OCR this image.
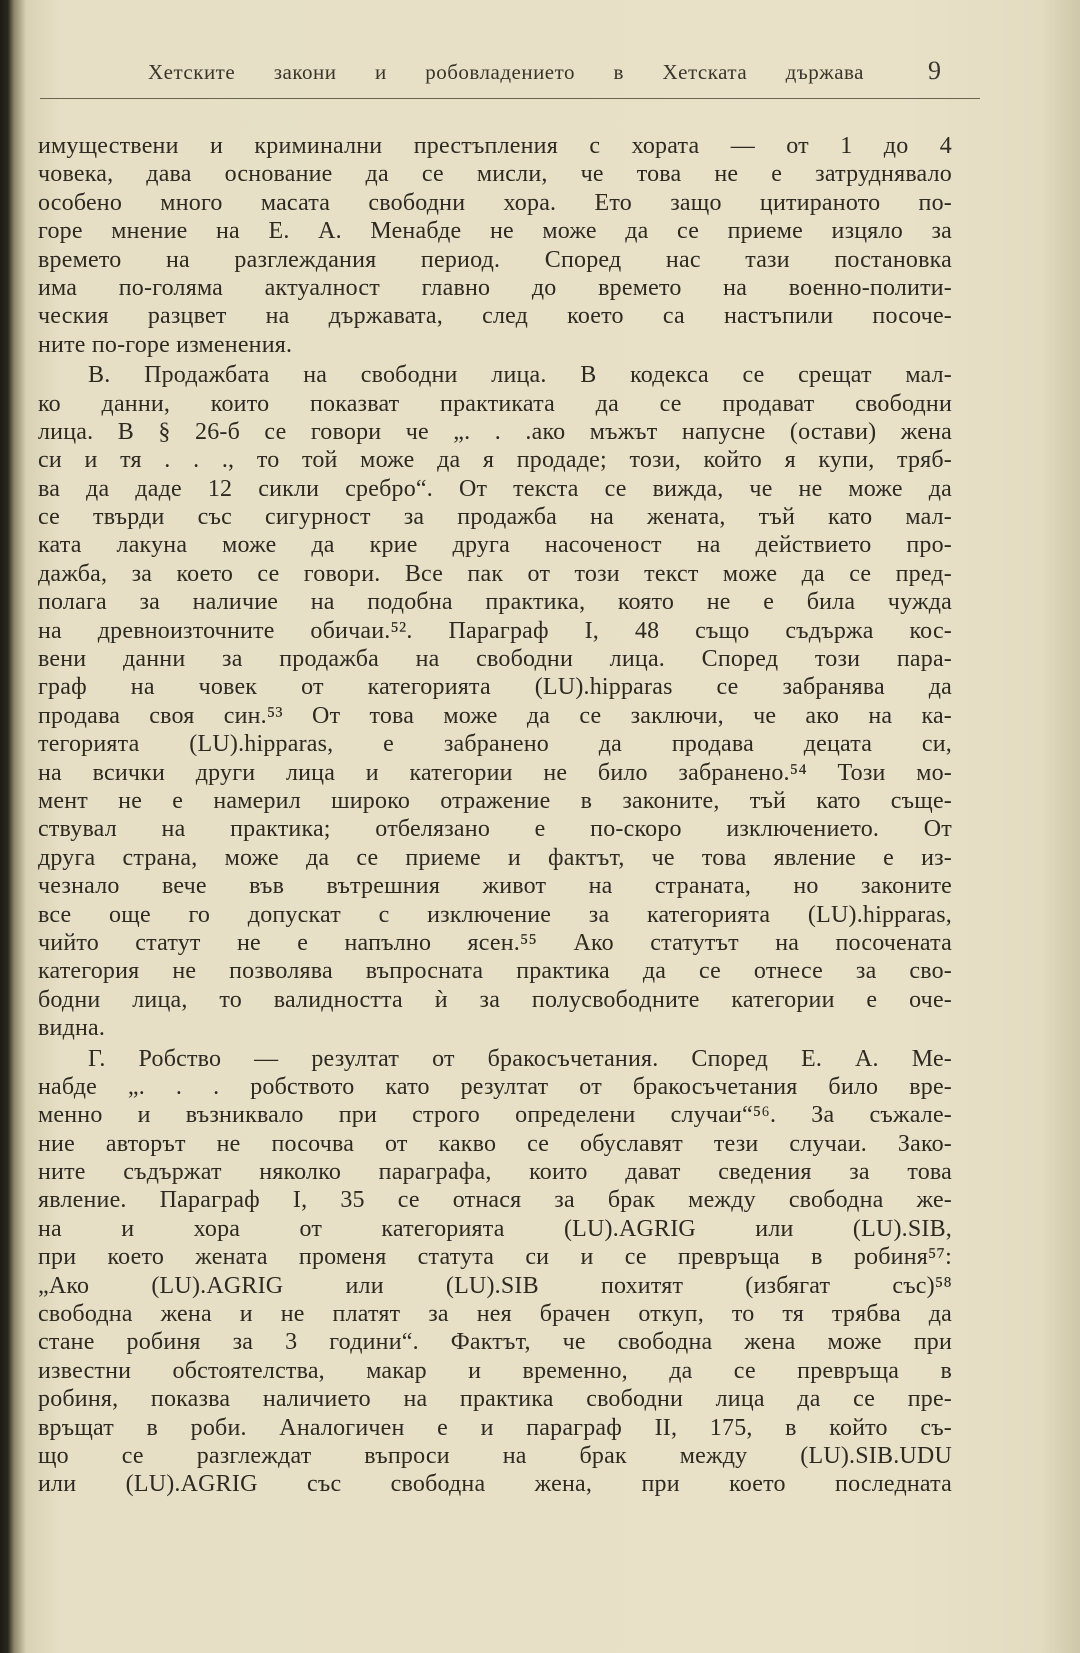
Хетските закони и робовладението в Хетската държава 9
имуществени и криминални престъпления с хората — от 1 до 4
човека, дава основание да се мисли, че това не е затруднявало
особено много масата свободни хора. Ето защо цитираното по-
горе мнение на Е. А. Менабде не може да се приеме изцяло за
времето на разглеждания период. Според нас тази постановка
има по-голяма актуалност главно до времето на военно-полити-
ческия разцвет на държавата, след което са настъпили посоче-
ните по-горе изменения.
В. Продажбата на свободни лица. В кодекса се срещат мал-
ко данни, които показват практиката да се продават свободни
лица. В § 26-б се говори че „. . .ако мъжът напусне (остави) жена
си и тя . . ., то той може да я продаде; този, който я купи, тряб-
ва да даде 12 сикли сребро“. От текста се вижда, че не може да
се твърди със сигурност за продажба на жената, тъй като мал-
ката лакуна може да крие друга насоченост на действието про-
дажба, за което се говори. Все пак от този текст може да се пред-
полага за наличие на подобна практика, която не е била чужда
на древноизточните обичаи.⁵². Параграф I, 48 също съдържа кос-
вени данни за продажба на свободни лица. Според този пара-
граф на човек от категорията (LU).hipparas се забранява да
продава своя син.⁵³ От това може да се заключи, че ако на ка-
тегорията (LU).hipparas, е забранено да продава децата си,
на всички други лица и категории не било забранено.⁵⁴ Този мо-
мент не е намерил широко отражение в законите, тъй като съще-
ствувал на практика; отбелязано е по-скоро изключението. От
друга страна, може да се приеме и фактът, че това явление е из-
чезнало вече във вътрешния живот на страната, но законите
все още го допускат с изключение за категорията (LU).hipparas,
чийто статут не е напълно ясен.⁵⁵ Ако статутът на посочената
категория не позволява въпросната практика да се отнесе за сво-
бодни лица, то валидността ѝ за полусвободните категории е оче-
видна.
Г. Робство — резултат от бракосъчетания. Според Е. А. Ме-
набде „. . . робството като резултат от бракосъчетания било вре-
менно и възниквало при строго определени случаи“⁵⁶. За съжале-
ние авторът не посочва от какво се обуславят тези случаи. Зако-
ните съдържат няколко параграфа, които дават сведения за това
явление. Параграф I, 35 се отнася за брак между свободна же-
на и хора от категорията (LU).AGRIG или (LU).SIB,
при което жената променя статута си и се превръща в робиня⁵⁷:
„Ако (LU).AGRIG или (LU).SIB похитят (избягат със)⁵⁸
свободна жена и не платят за нея брачен откуп, то тя трябва да
стане робиня за 3 години“. Фактът, че свободна жена може при
известни обстоятелства, макар и временно, да се превръща в
робиня, показва наличието на практика свободни лица да се пре-
връщат в роби. Аналогичен е и параграф II, 175, в който съ-
що се разглеждат въпроси на брак между (LU).SIB.UDU
или (LU).AGRIG със свободна жена, при което последната
